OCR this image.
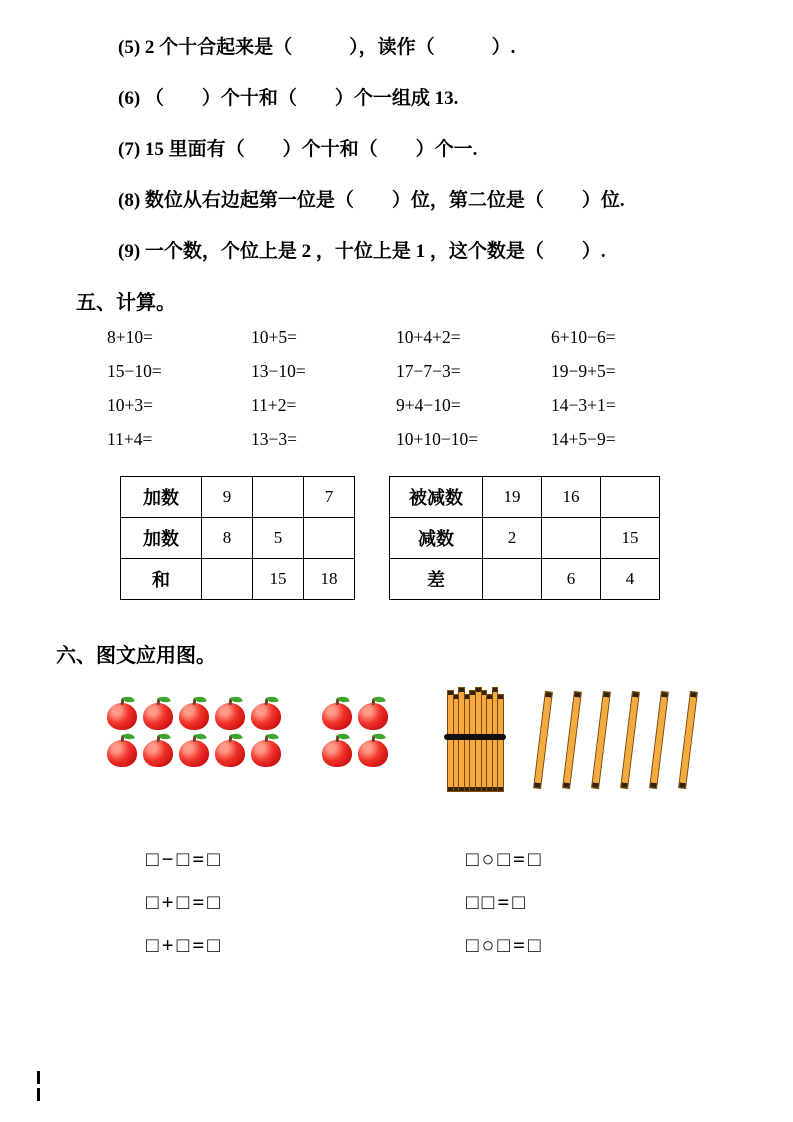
(5) 2 个十合起来是（　　　），读作（　　　）.
(6) （　　）个十和（　　）个一组成 13.
(7) 15 里面有（　　）个十和（　　）个一.
(8) 数位从右边起第一位是（　　）位，第二位是（　　）位.
(9) 一个数，个位上是 2 ，十位上是 1 ，这个数是（　　）.
五、计算。
8+10=	10+5=	10+4+2=	6+10−6=
15−10=	13−10=	17−7−3=	19−9+5=
10+3=	11+2=	9+4−10=	14−3+1=
11+4=	13−3=	10+10−10=	14+5−9=
加数	9		7
加数	8	5	
和		15	18
被减数	19	16	
减数	2		15
差		6	4
六、图文应用图。
□−□=□
□+□=□
□+□=□
□○□=□
□□=□
□○□=□
